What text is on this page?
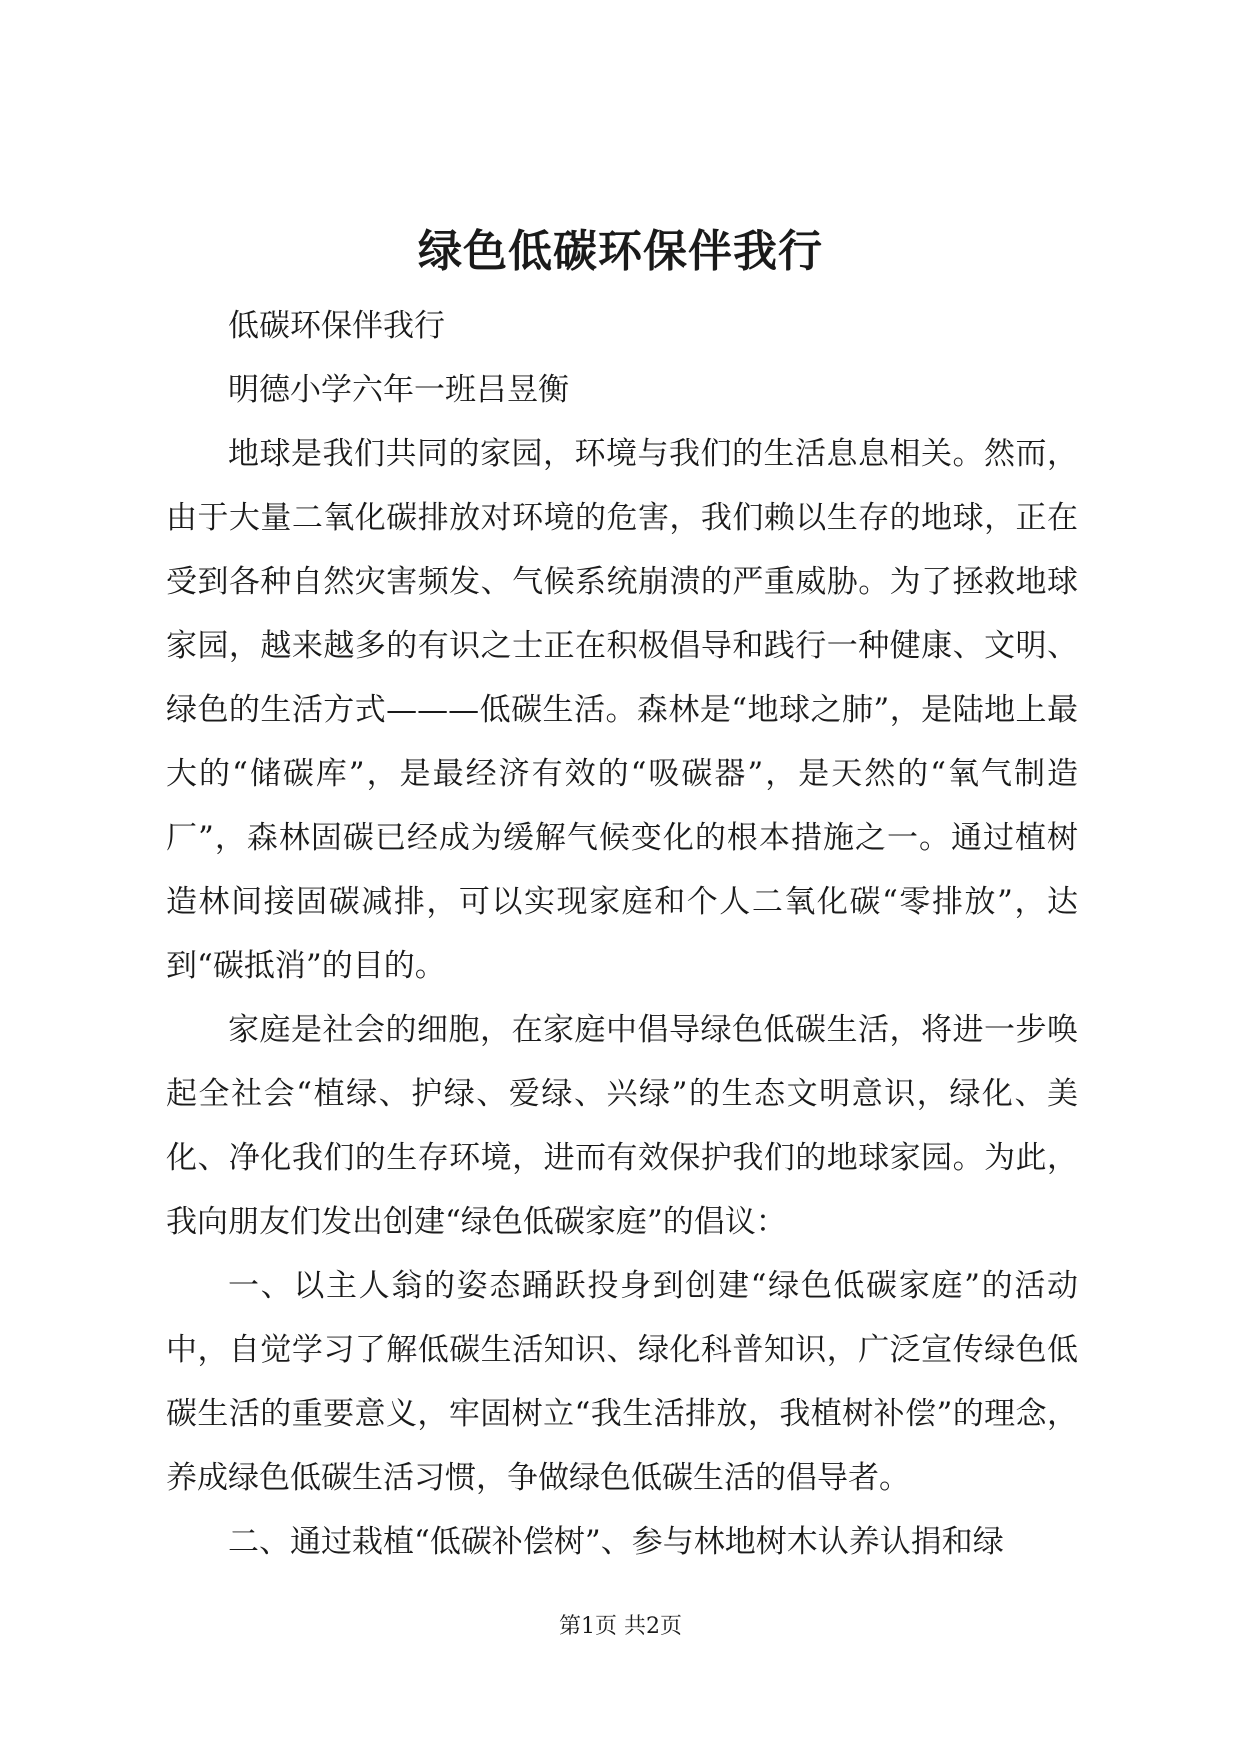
绿色低碳环保伴我行

低碳环保伴我行

明德小学六年一班吕昱衡

地球是我们共同的家园，环境与我们的生活息息相关。然而，由于大量二氧化碳排放对环境的危害，我们赖以生存的地球，正在受到各种自然灾害频发、气候系统崩溃的严重威胁。为了拯救地球家园，越来越多的有识之士正在积极倡导和践行一种健康、文明、绿色的生活方式———低碳生活。森林是“地球之肺”，是陆地上最大的“储碳库”，是最经济有效的“吸碳器”，是天然的“氧气制造厂”，森林固碳已经成为缓解气候变化的根本措施之一。通过植树造林间接固碳减排，可以实现家庭和个人二氧化碳“零排放”，达到“碳抵消”的目的。

家庭是社会的细胞，在家庭中倡导绿色低碳生活，将进一步唤起全社会“植绿、护绿、爱绿、兴绿”的生态文明意识，绿化、美化、净化我们的生存环境，进而有效保护我们的地球家园。为此，我向朋友们发出创建“绿色低碳家庭”的倡议：

一、以主人翁的姿态踊跃投身到创建“绿色低碳家庭”的活动中，自觉学习了解低碳生活知识、绿化科普知识，广泛宣传绿色低碳生活的重要意义，牢固树立“我生活排放，我植树补偿”的理念，养成绿色低碳生活习惯，争做绿色低碳生活的倡导者。

二、通过栽植“低碳补偿树”、参与林地树木认养认捐和绿

第1页 共2页
